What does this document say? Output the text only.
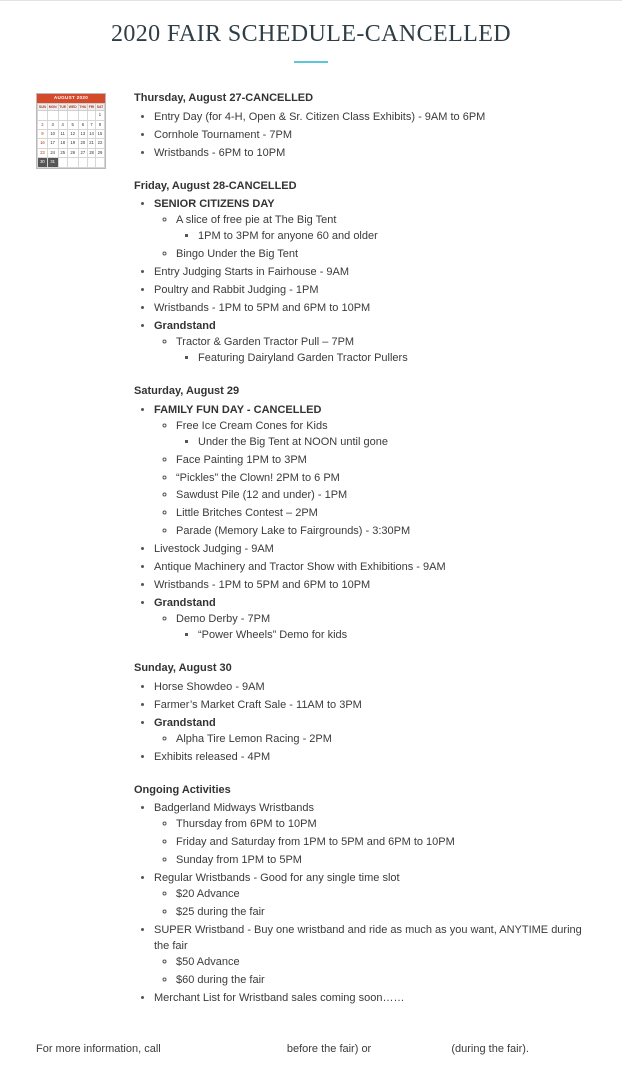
2020 FAIR SCHEDULE-CANCELLED
AUGUST 2020
SUN	MON	TUE	WED	THU	FRI	SAT
						1
2	3	4	5	6	7	8
9	10	11	12	13	14	15
16	17	18	19	20	21	22
23	24	25	26	27	28	29
30	31					
Thursday, August 27-CANCELLED
• Entry Day (for 4-H, Open & Sr. Citizen Class Exhibits) - 9AM to 6PM
• Cornhole Tournament - 7PM
• Wristbands - 6PM to 10PM
Friday, August 28-CANCELLED
• SENIOR CITIZENS DAY
◦ A slice of free pie at The Big Tent
▪ 1PM to 3PM for anyone 60 and older
◦ Bingo Under the Big Tent
• Entry Judging Starts in Fairhouse - 9AM
• Poultry and Rabbit Judging - 1PM
• Wristbands - 1PM to 5PM and 6PM to 10PM
• Grandstand
◦ Tractor & Garden Tractor Pull – 7PM
▪ Featuring Dairyland Garden Tractor Pullers
Saturday, August 29
• FAMILY FUN DAY - CANCELLED
◦ Free Ice Cream Cones for Kids
▪ Under the Big Tent at NOON until gone
◦ Face Painting 1PM to 3PM
◦ “Pickles” the Clown! 2PM to 6 PM
◦ Sawdust Pile (12 and under) - 1PM
◦ Little Britches Contest – 2PM
◦ Parade (Memory Lake to Fairgrounds) - 3:30PM
• Livestock Judging - 9AM
• Antique Machinery and Tractor Show with Exhibitions - 9AM
• Wristbands - 1PM to 5PM and 6PM to 10PM
• Grandstand
◦ Demo Derby - 7PM
▪ “Power Wheels” Demo for kids
Sunday, August 30
• Horse Showdeo - 9AM
• Farmer’s Market Craft Sale - 11AM to 3PM
• Grandstand
◦ Alpha Tire Lemon Racing - 2PM
• Exhibits released - 4PM
Ongoing Activities
• Badgerland Midways Wristbands
◦ Thursday from 6PM to 10PM
◦ Friday and Saturday from 1PM to 5PM and 6PM to 10PM
◦ Sunday from 1PM to 5PM
• Regular Wristbands - Good for any single time slot
◦ $20 Advance
◦ $25 during the fair
• SUPER Wristband - Buy one wristband and ride as much as you want, ANYTIME during the fair
◦ $50 Advance
◦ $60 during the fair
• Merchant List for Wristband sales coming soon……
For more information, call	before the fair) or	(during the fair).
